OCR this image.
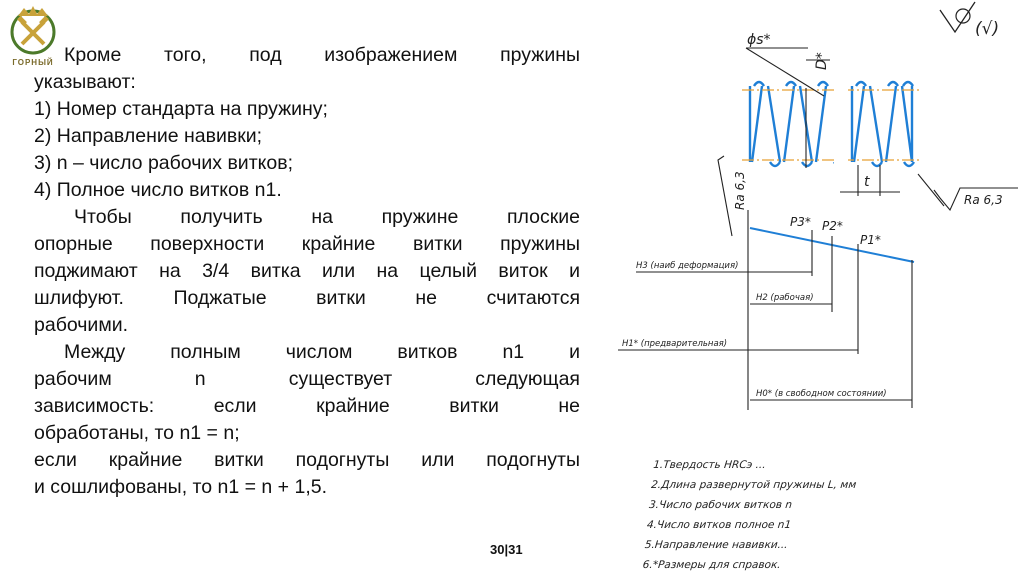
ГОРНЫЙ Кроме того, под изображением пружины

указывают:

1) Номер стандарта на пружину;

2) Направление навивки;

3) n – число рабочих витков;

4) Полное число витков n1.

Чтобы получить на пружине плоские

опорные поверхности крайние витки пружины

поджимают на 3/4 витка или на целый виток и

шлифуют. Поджатые витки не считаются

рабочими.

Между полным числом витков n1 и

рабочим n существует следующая

зависимость: если крайние витки не

обработаны, то n1 = n;

если крайние витки подогнуты или подогнуты

и сошлифованы, то n1 = n + 1,5.

30|31
(√)
ϕs*
D*
t
Ra 6,3	Ra 6,3
P3* P2*
P1*
H3 (наиб деформация)
H2 (рабочая)
H1* (предварительная)
H0* (в свободном состоянии)
1.Твердость HRCэ ...
2.Длина развернутой пружины L, мм
3.Число рабочих витков n
4.Число витков полное n1
5.Направление навивки...
6.*Размеры для справок.
